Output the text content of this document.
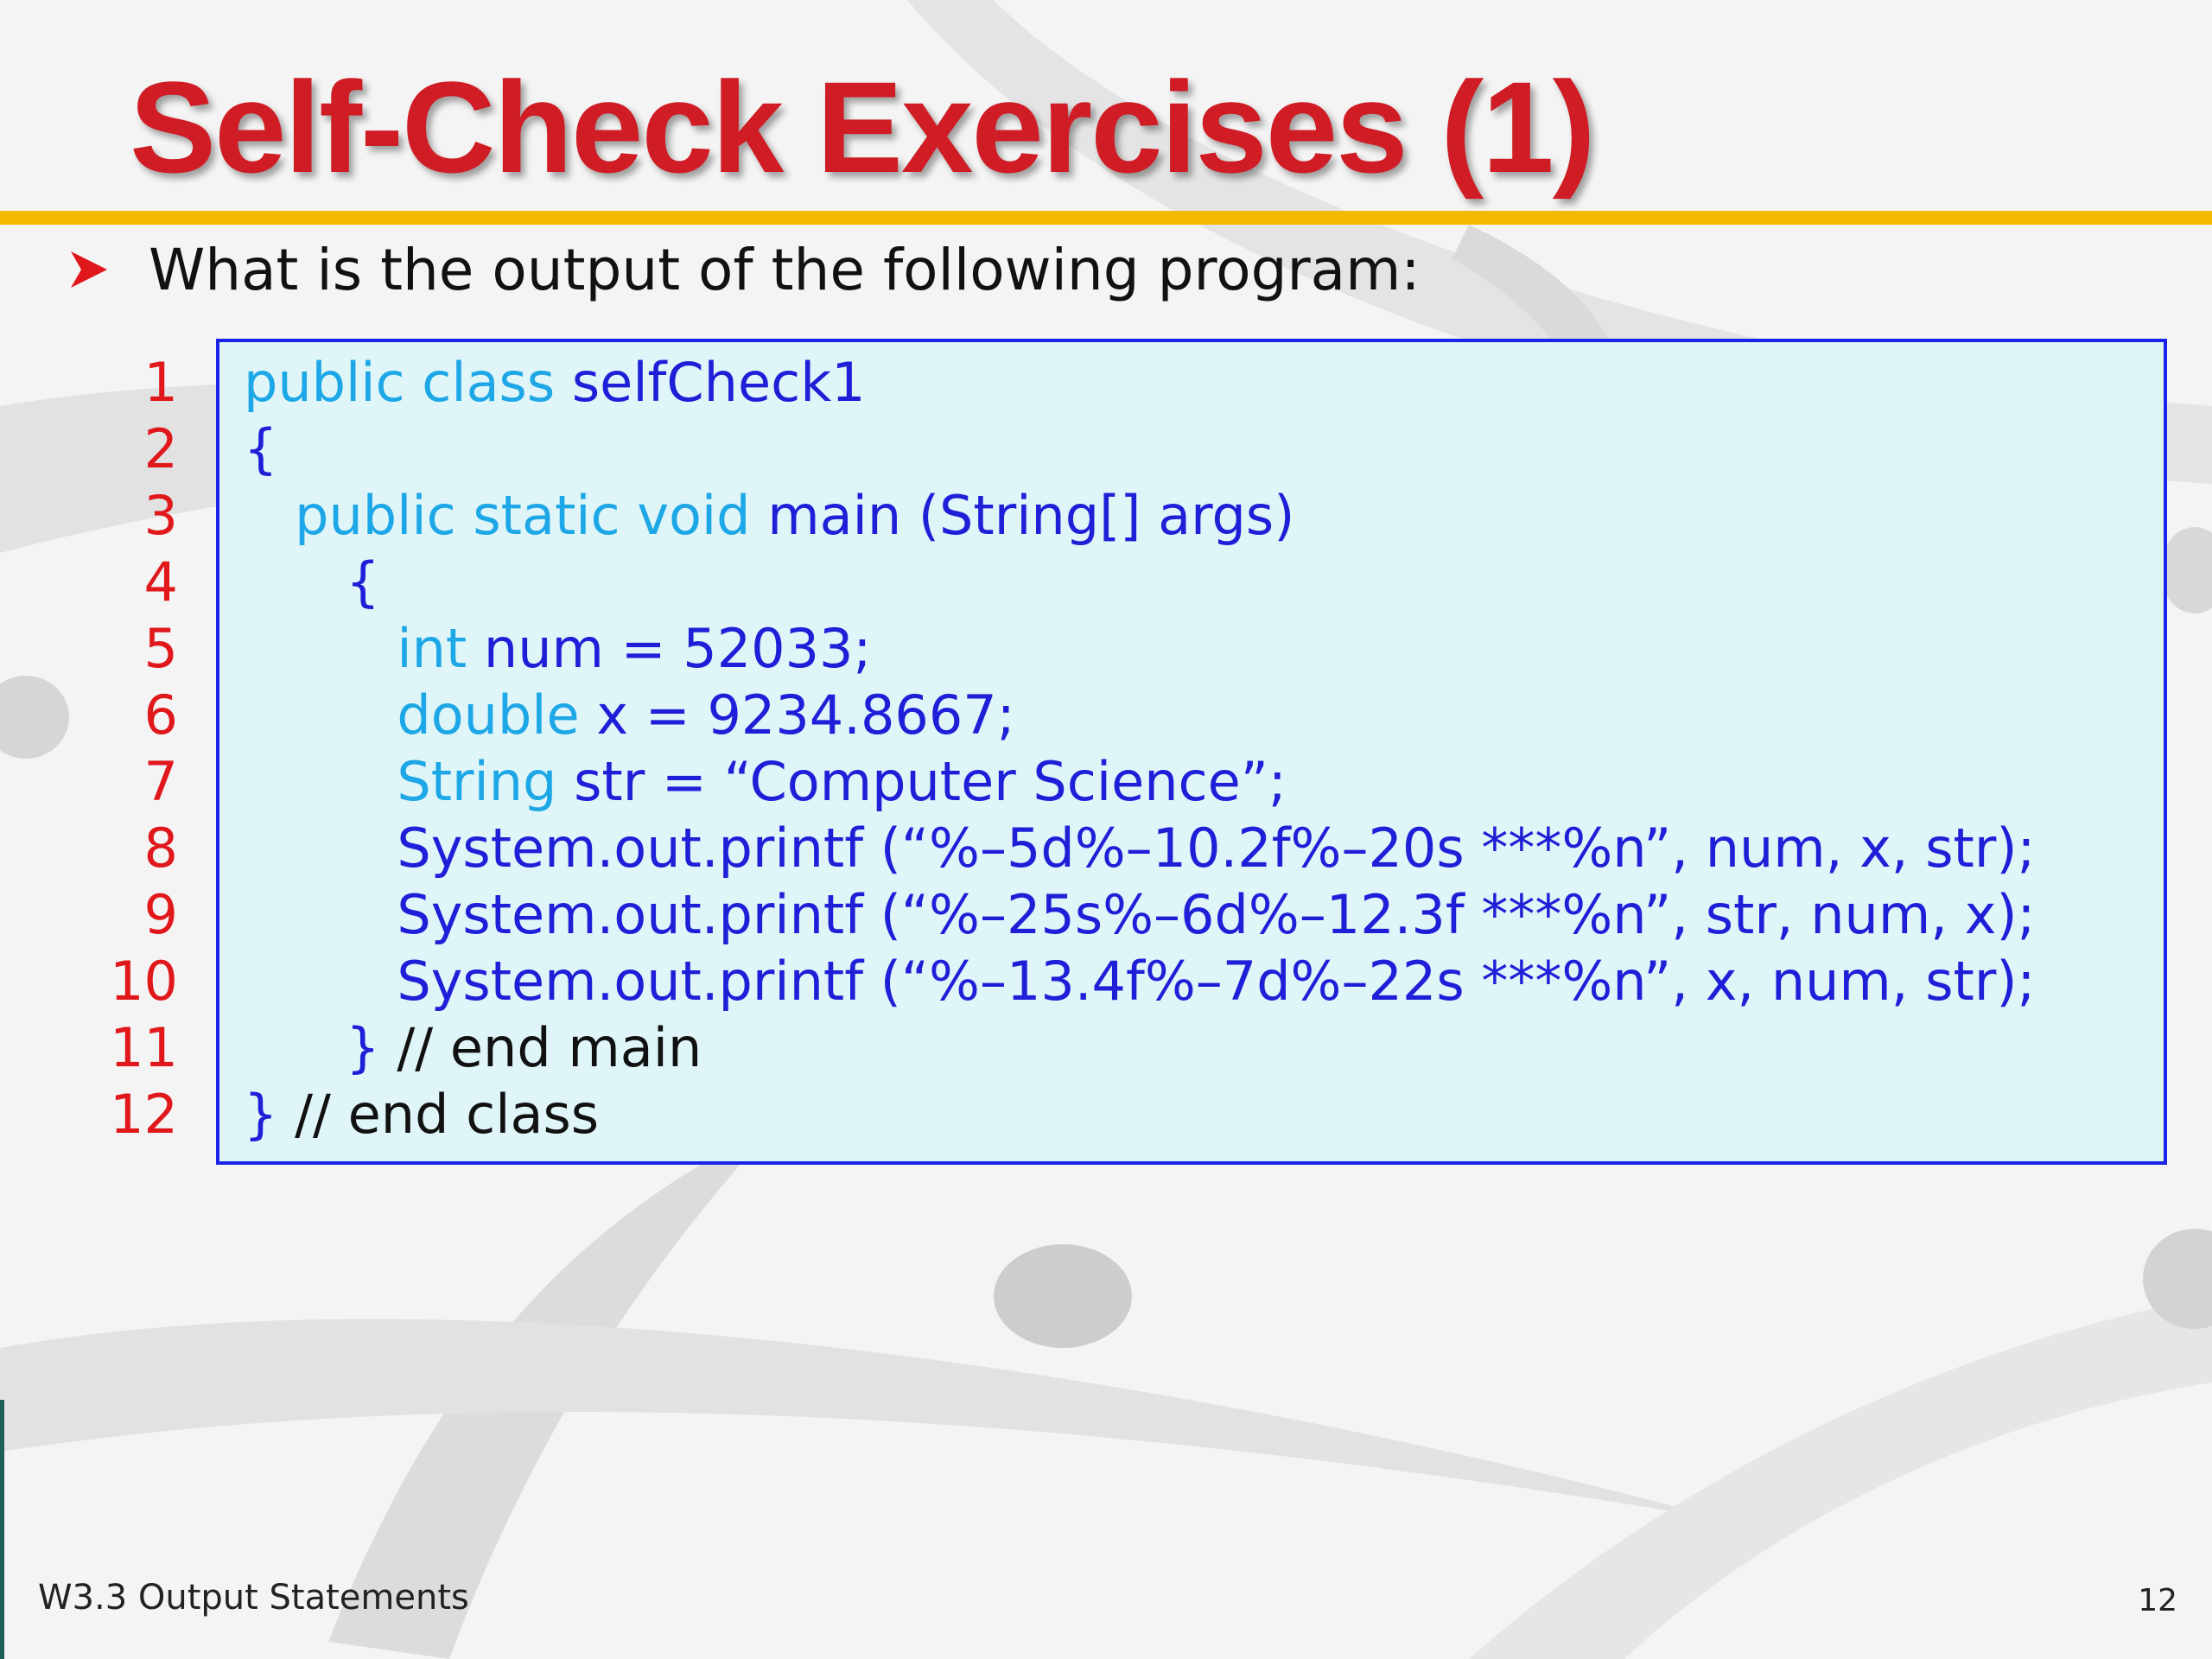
Self-Check Exercises (1)
What is the output of the following program:
1
2
3
4
5
6
7
8
9
10
11
12
public class selfCheck1
{
public static void main (String[] args)
{
int num = 52033;
double x = 9234.8667;
String str = “Computer Science”;
System.out.printf (“%–5d%–10.2f%–20s ***%n”, num, x, str);
System.out.printf (“%–25s%–6d%–12.3f ***%n”, str, num, x);
System.out.printf (“%–13.4f%–7d%–22s ***%n”, x, num, str);
} // end main
} // end class
W3.3 Output Statements	12
